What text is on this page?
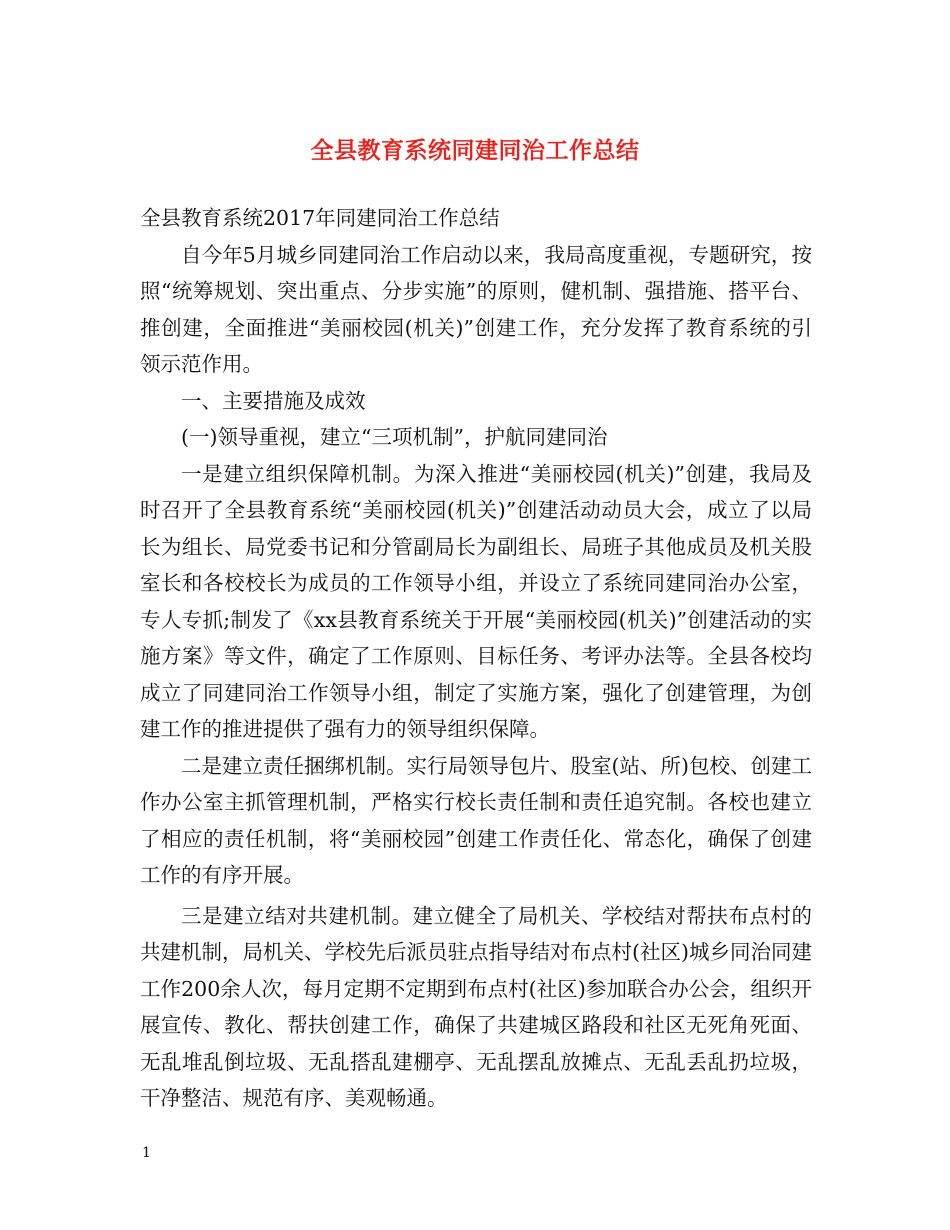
全县教育系统同建同治工作总结

全县教育系统2017年同建同治工作总结

自今年5月城乡同建同治工作启动以来，我局高度重视，专题研究，按照“统筹规划、突出重点、分步实施”的原则，健机制、强措施、搭平台、推创建，全面推进“美丽校园(机关)”创建工作，充分发挥了教育系统的引领示范作用。

一、主要措施及成效

(一)领导重视，建立“三项机制”，护航同建同治

一是建立组织保障机制。为深入推进“美丽校园(机关)”创建，我局及时召开了全县教育系统“美丽校园(机关)”创建活动动员大会，成立了以局长为组长、局党委书记和分管副局长为副组长、局班子其他成员及机关股室长和各校校长为成员的工作领导小组，并设立了系统同建同治办公室，专人专抓;制发了《xx县教育系统关于开展“美丽校园(机关)”创建活动的实施方案》等文件，确定了工作原则、目标任务、考评办法等。全县各校均成立了同建同治工作领导小组，制定了实施方案，强化了创建管理，为创建工作的推进提供了强有力的领导组织保障。

二是建立责任捆绑机制。实行局领导包片、股室(站、所)包校、创建工作办公室主抓管理机制，严格实行校长责任制和责任追究制。各校也建立了相应的责任机制，将“美丽校园”创建工作责任化、常态化，确保了创建工作的有序开展。

三是建立结对共建机制。建立健全了局机关、学校结对帮扶布点村的共建机制，局机关、学校先后派员驻点指导结对布点村(社区)城乡同治同建工作200余人次，每月定期不定期到布点村(社区)参加联合办公会，组织开展宣传、教化、帮扶创建工作，确保了共建城区路段和社区无死角死面、无乱堆乱倒垃圾、无乱搭乱建棚亭、无乱摆乱放摊点、无乱丢乱扔垃圾，干净整洁、规范有序、美观畅通。

1
